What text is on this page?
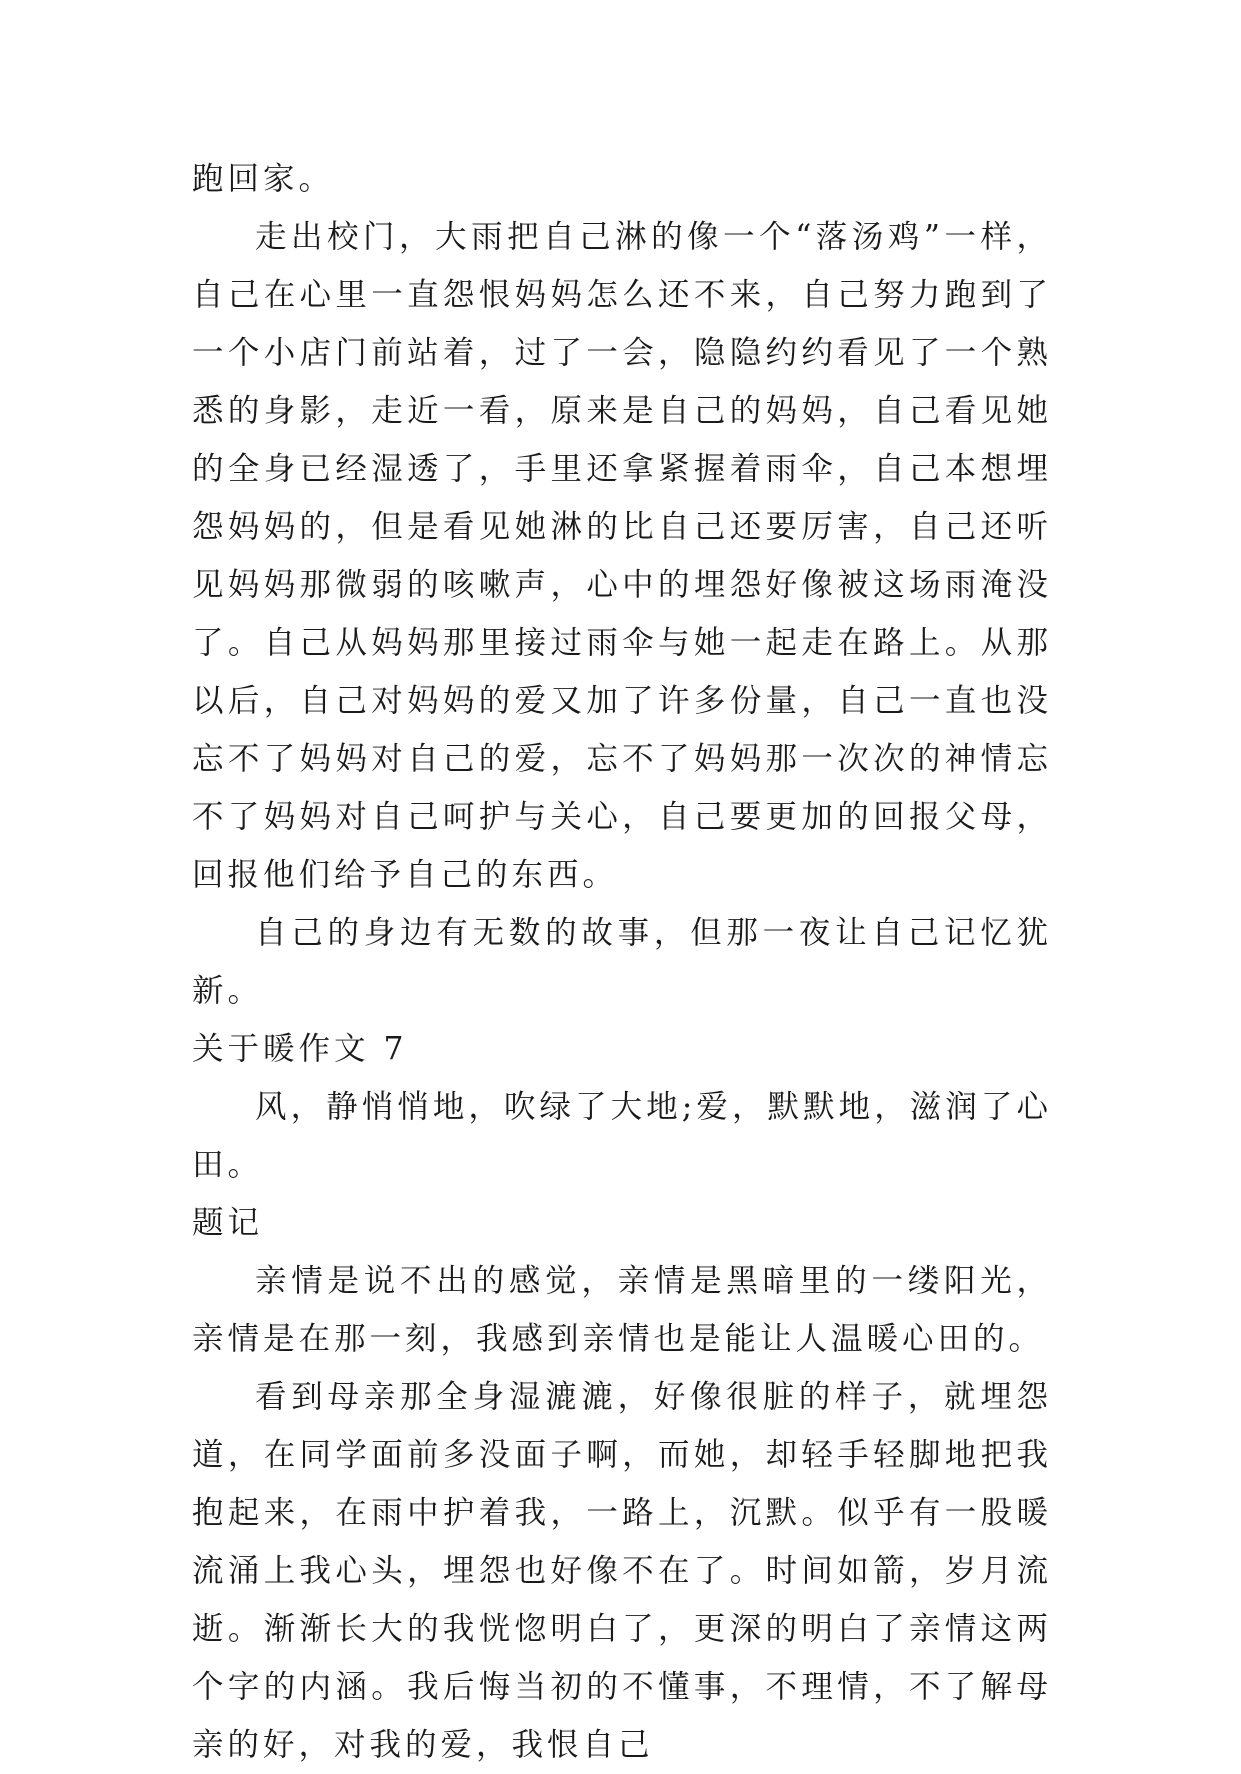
跑回家。

走出校门，大雨把自己淋的像一个“落汤鸡”一样，自己在心里一直怨恨妈妈怎么还不来，自己努力跑到了一个小店门前站着，过了一会，隐隐约约看见了一个熟悉的身影，走近一看，原来是自己的妈妈，自己看见她的全身已经湿透了，手里还拿紧握着雨伞，自己本想埋怨妈妈的，但是看见她淋的比自己还要厉害，自己还听见妈妈那微弱的咳嗽声，心中的埋怨好像被这场雨淹没了。自己从妈妈那里接过雨伞与她一起走在路上。从那以后，自己对妈妈的爱又加了许多份量，自己一直也没忘不了妈妈对自己的爱，忘不了妈妈那一次次的神情忘不了妈妈对自己呵护与关心，自己要更加的回报父母，回报他们给予自己的东西。

自己的身边有无数的故事，但那一夜让自己记忆犹新。

关于暖作文 7

风，静悄悄地，吹绿了大地;爱，默默地，滋润了心田。

题记

亲情是说不出的感觉，亲情是黑暗里的一缕阳光，亲情是在那一刻，我感到亲情也是能让人温暖心田的。

看到母亲那全身湿漉漉，好像很脏的样子，就埋怨道，在同学面前多没面子啊，而她，却轻手轻脚地把我抱起来，在雨中护着我，一路上，沉默。似乎有一股暖流涌上我心头，埋怨也好像不在了。时间如箭，岁月流逝。渐渐长大的我恍惚明白了，更深的明白了亲情这两个字的内涵。我后悔当初的不懂事，不理情，不了解母亲的好，对我的爱，我恨自己
